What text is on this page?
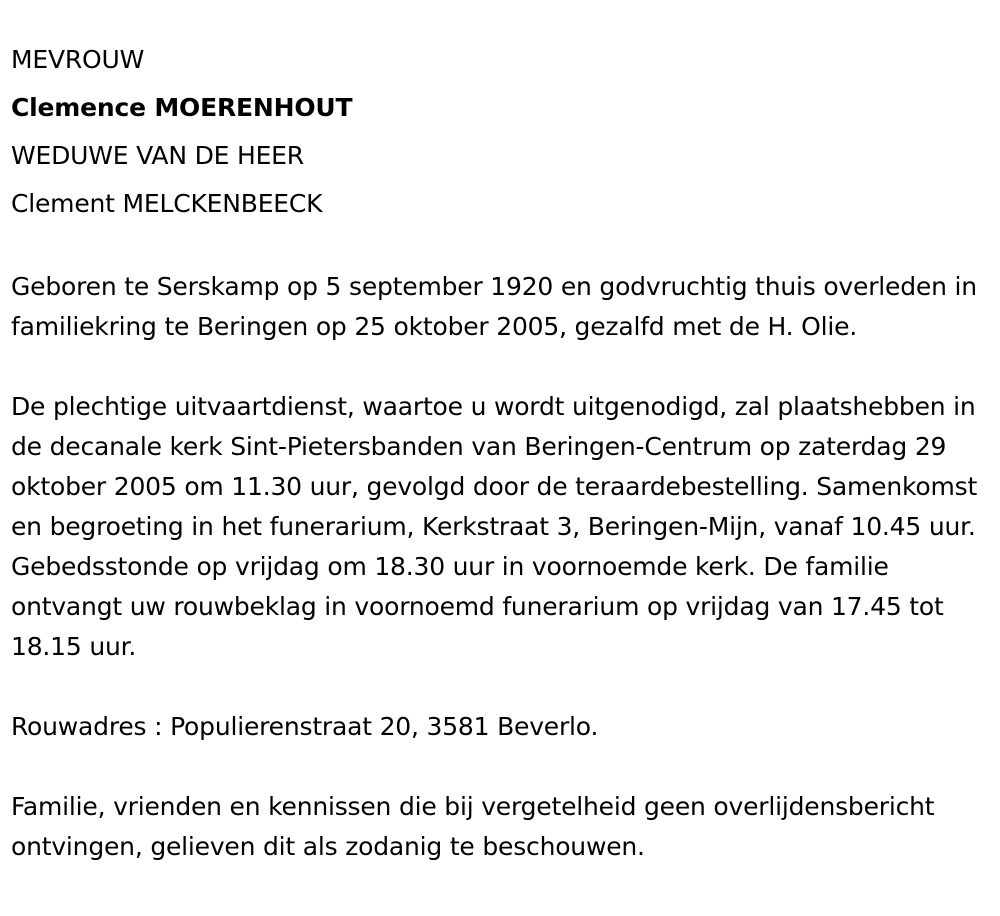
MEVROUW
Clemence MOERENHOUT
WEDUWE VAN DE HEER
Clement MELCKENBEECK

Geboren te Serskamp op 5 september 1920 en godvruchtig thuis overleden in familiekring te Beringen op 25 oktober 2005, gezalfd met de H. Olie.

De plechtige uitvaartdienst, waartoe u wordt uitgenodigd, zal plaatshebben in de decanale kerk Sint-Pietersbanden van Beringen-Centrum op zaterdag 29 oktober 2005 om 11.30 uur, gevolgd door de teraardebestelling. Samenkomst en begroeting in het funerarium, Kerkstraat 3, Beringen-Mijn, vanaf 10.45 uur. Gebedsstonde op vrijdag om 18.30 uur in voornoemde kerk. De familie ontvangt uw rouwbeklag in voornoemd funerarium op vrijdag van 17.45 tot 18.15 uur.

Rouwadres : Populierenstraat 20, 3581 Beverlo.

Familie, vrienden en kennissen die bij vergetelheid geen overlijdensbericht ontvingen, gelieven dit als zodanig te beschouwen.
